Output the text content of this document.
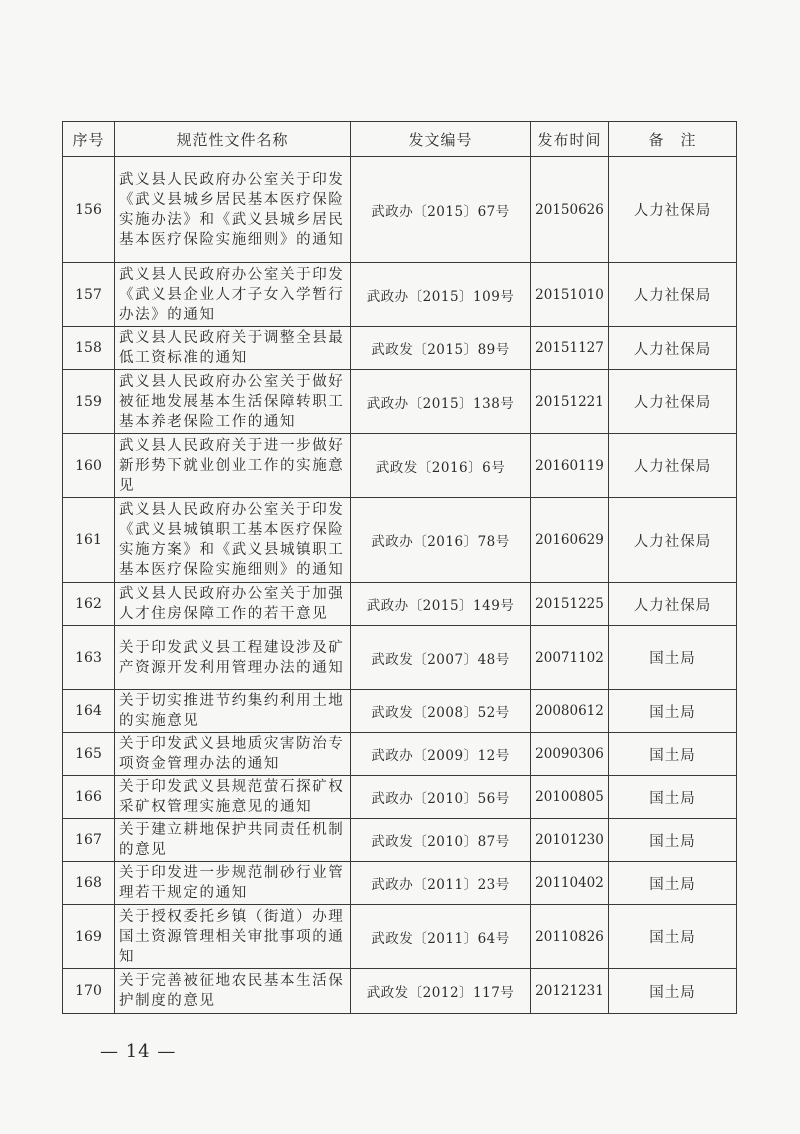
序号	规范性文件名称	发文编号	发布时间	备　注
156	武义县人民政府办公室关于印发《武义县城乡居民基本医疗保险实施办法》和《武义县城乡居民基本医疗保险实施细则》的通知	武政办〔2015〕67号	20150626	人力社保局
157	武义县人民政府办公室关于印发《武义县企业人才子女入学暂行办法》的通知	武政办〔2015〕109号	20151010	人力社保局
158	武义县人民政府关于调整全县最低工资标准的通知	武政发〔2015〕89号	20151127	人力社保局
159	武义县人民政府办公室关于做好被征地发展基本生活保障转职工基本养老保险工作的通知	武政办〔2015〕138号	20151221	人力社保局
160	武义县人民政府关于进一步做好新形势下就业创业工作的实施意见	武政发〔2016〕6号	20160119	人力社保局
161	武义县人民政府办公室关于印发《武义县城镇职工基本医疗保险实施方案》和《武义县城镇职工基本医疗保险实施细则》的通知	武政办〔2016〕78号	20160629	人力社保局
162	武义县人民政府办公室关于加强人才住房保障工作的若干意见	武政办〔2015〕149号	20151225	人力社保局
163	关于印发武义县工程建设涉及矿产资源开发利用管理办法的通知	武政发〔2007〕48号	20071102	国土局
164	关于切实推进节约集约利用土地的实施意见	武政发〔2008〕52号	20080612	国土局
165	关于印发武义县地质灾害防治专项资金管理办法的通知	武政办〔2009〕12号	20090306	国土局
166	关于印发武义县规范萤石探矿权采矿权管理实施意见的通知	武政办〔2010〕56号	20100805	国土局
167	关于建立耕地保护共同责任机制的意见	武政发〔2010〕87号	20101230	国土局
168	关于印发进一步规范制砂行业管理若干规定的通知	武政办〔2011〕23号	20110402	国土局
169	关于授权委托乡镇（街道）办理国土资源管理相关审批事项的通知	武政发〔2011〕64号	20110826	国土局
170	关于完善被征地农民基本生活保护制度的意见	武政发〔2012〕117号	20121231	国土局
— 14 —
